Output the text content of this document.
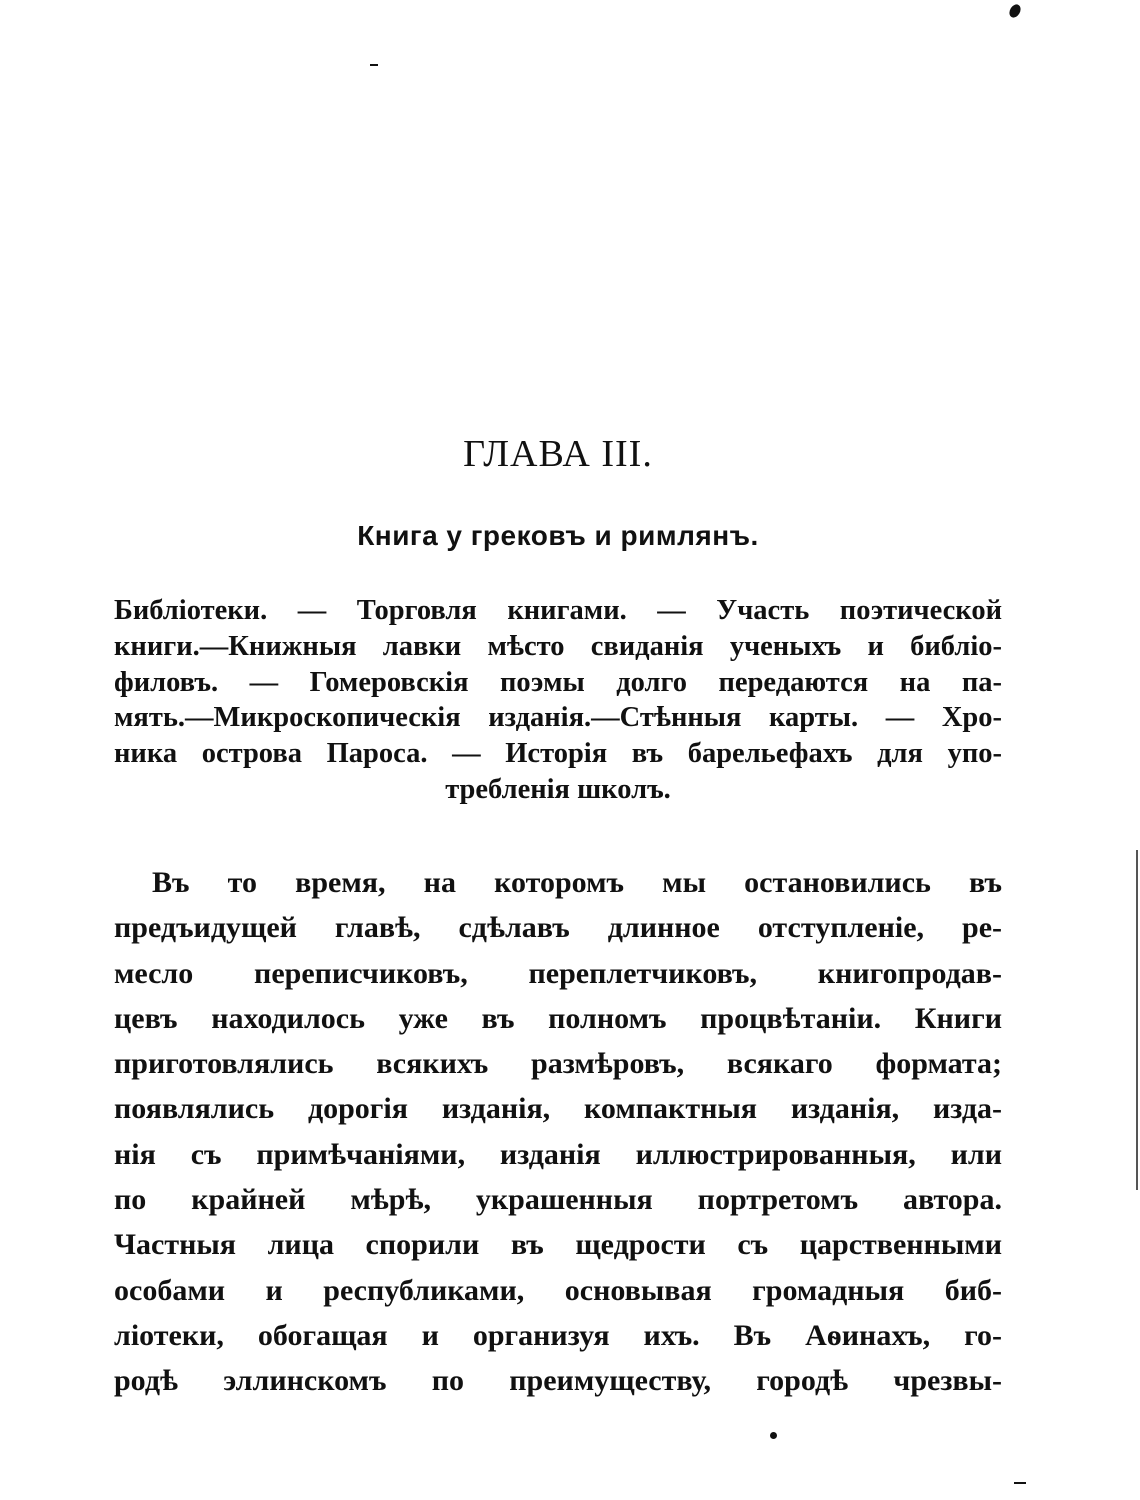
ГЛАВА III.
Книга у грековъ и римлянъ.
Библіотеки. — Торговля книгами. — Участь поэтической
книги.—Книжныя лавки мѣсто свиданія ученыхъ и библіо-
филовъ. — Гомеровскія поэмы долго передаются на па-
мять.—Микроскопическія изданія.—Стѣнныя карты. — Хро-
ника острова Пароса. — Исторія въ барельефахъ для упо-
требленія школъ.
Въ то время, на которомъ мы остановились въ
предъидущей главѣ, сдѣлавъ длинное отступленіе, ре-
месло переписчиковъ, переплетчиковъ, книгопродав-
цевъ находилось уже въ полномъ процвѣтаніи. Книги
приготовлялись всякихъ размѣровъ, всякаго формата;
появлялись дорогія изданія, компактныя изданія, изда-
нія съ примѣчаніями, изданія иллюстрированныя, или
по крайней мѣрѣ, украшенныя портретомъ автора.
Частныя лица спорили въ щедрости съ царственными
особами и республиками, основывая громадныя биб-
ліотеки, обогащая и организуя ихъ. Въ Аѳинахъ, го-
родѣ эллинскомъ по преимуществу, городѣ чрезвы-
